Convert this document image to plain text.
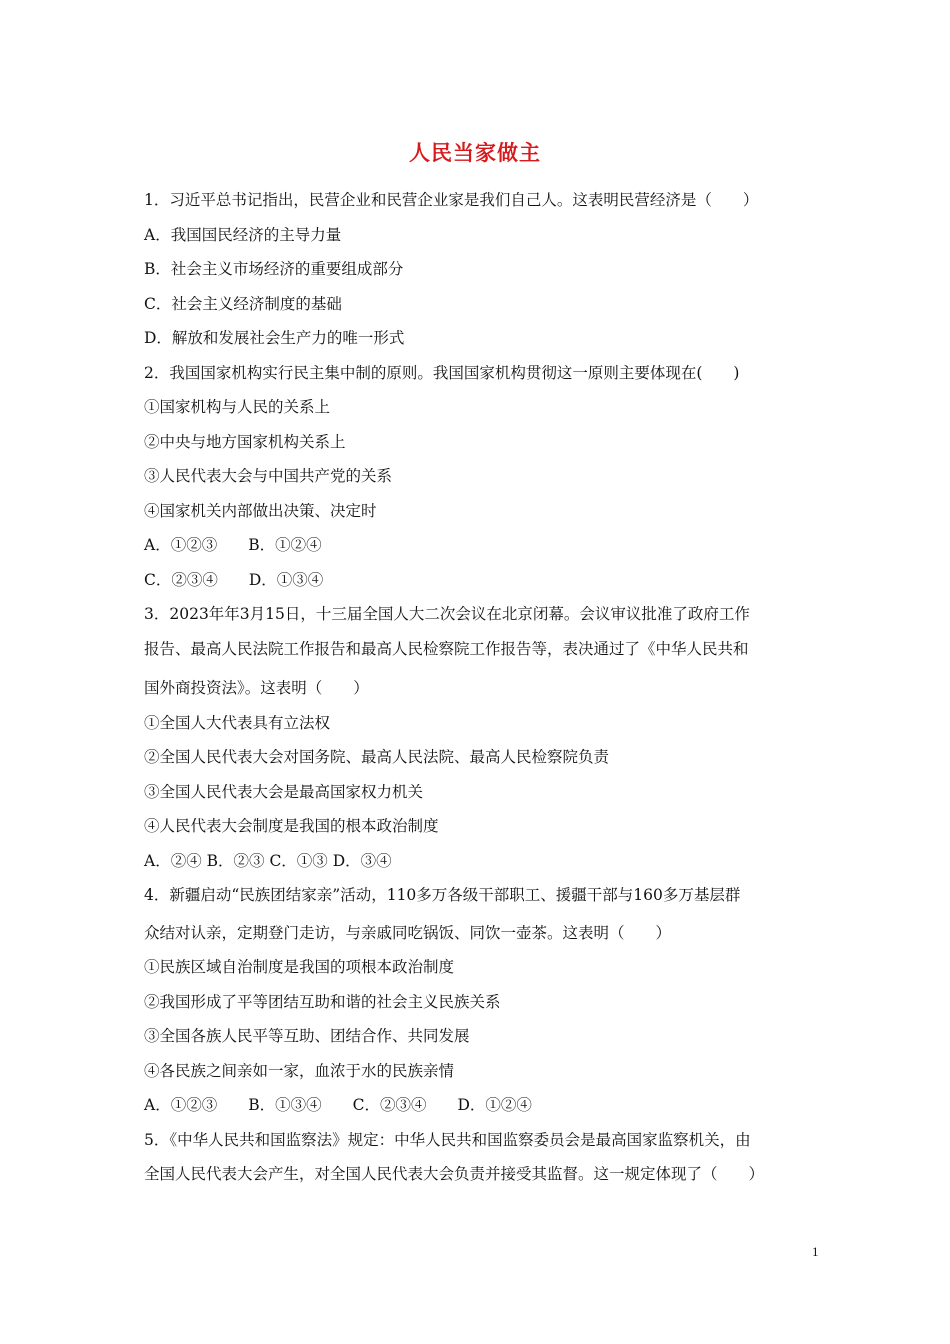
人民当家做主
1．习近平总书记指出，民营企业和民营企业家是我们自己人。这表明民营经济是（　　）
A．我国国民经济的主导力量
B．社会主义市场经济的重要组成部分
C．社会主义经济制度的基础
D．解放和发展社会生产力的唯一形式
2．我国国家机构实行民主集中制的原则。我国国家机构贯彻这一原则主要体现在(　　)
①国家机构与人民的关系上
②中央与地方国家机构关系上
③人民代表大会与中国共产党的关系
④国家机关内部做出决策、决定时
A．①②③　　B．①②④
C．②③④　　D．①③④
3．2023年年3月15日，十三届全国人大二次会议在北京闭幕。会议审议批准了政府工作
报告、最高人民法院工作报告和最高人民检察院工作报告等，表决通过了《中华人民共和
国外商投资法》。这表明（　　）
①全国人大代表具有立法权
②全国人民代表大会对国务院、最高人民法院、最高人民检察院负责
③全国人民代表大会是最高国家权力机关
④人民代表大会制度是我国的根本政治制度
A．②④ B．②③ C．①③ D．③④
4．新疆启动“民族团结家亲”活动，110多万各级干部职工、援疆干部与160多万基层群
众结对认亲，定期登门走访，与亲戚同吃锅饭、同饮一壶茶。这表明（　　）
①民族区域自治制度是我国的项根本政治制度
②我国形成了平等团结互助和谐的社会主义民族关系
③全国各族人民平等互助、团结合作、共同发展
④各民族之间亲如一家，血浓于水的民族亲情
A．①②③　　B．①③④　　C．②③④　　D．①②④
5．《中华人民共和国监察法》规定：中华人民共和国监察委员会是最高国家监察机关，由
全国人民代表大会产生，对全国人民代表大会负责并接受其监督。这一规定体现了（　　）
1
